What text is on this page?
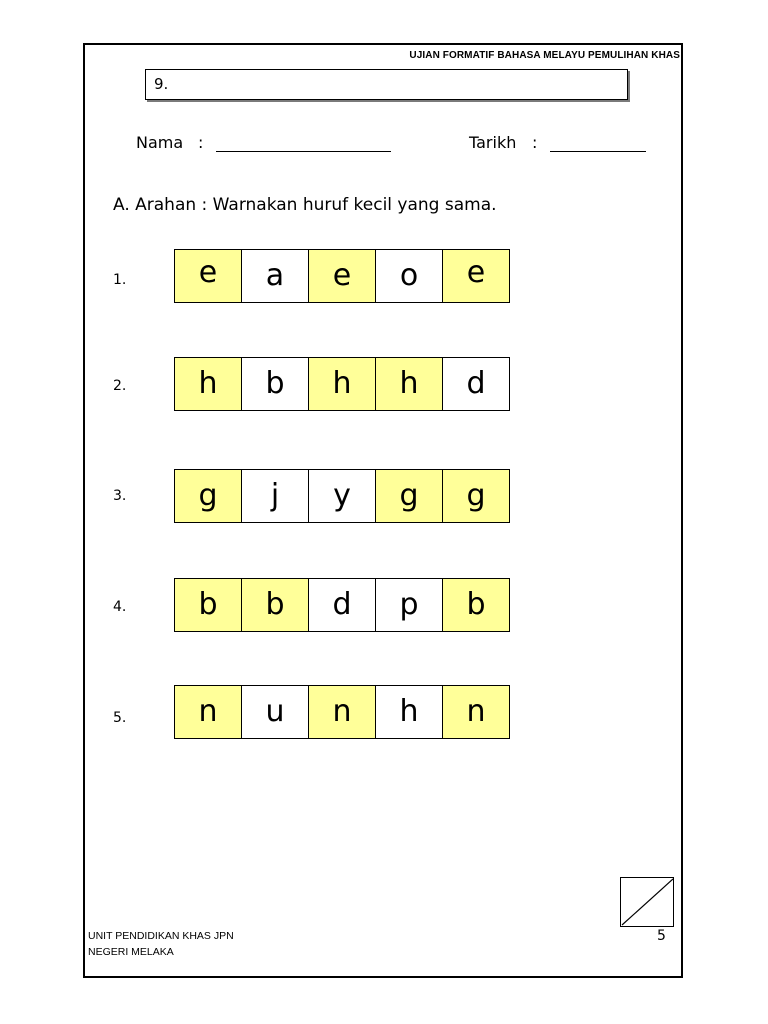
UJIAN FORMATIF BAHASA MELAYU PEMULIHAN KHAS
9.
Nama :	Tarikh :
A. Arahan : Warnakan huruf kecil yang sama.
1.	e	a	e	o	e
2.	h	b	h	h	d
3.	g	j	y	g	g
4.	b	b	d	p	b
5.	n	u	n	h	n
5
UNIT PENDIDIKAN KHAS JPN
NEGERI MELAKA
